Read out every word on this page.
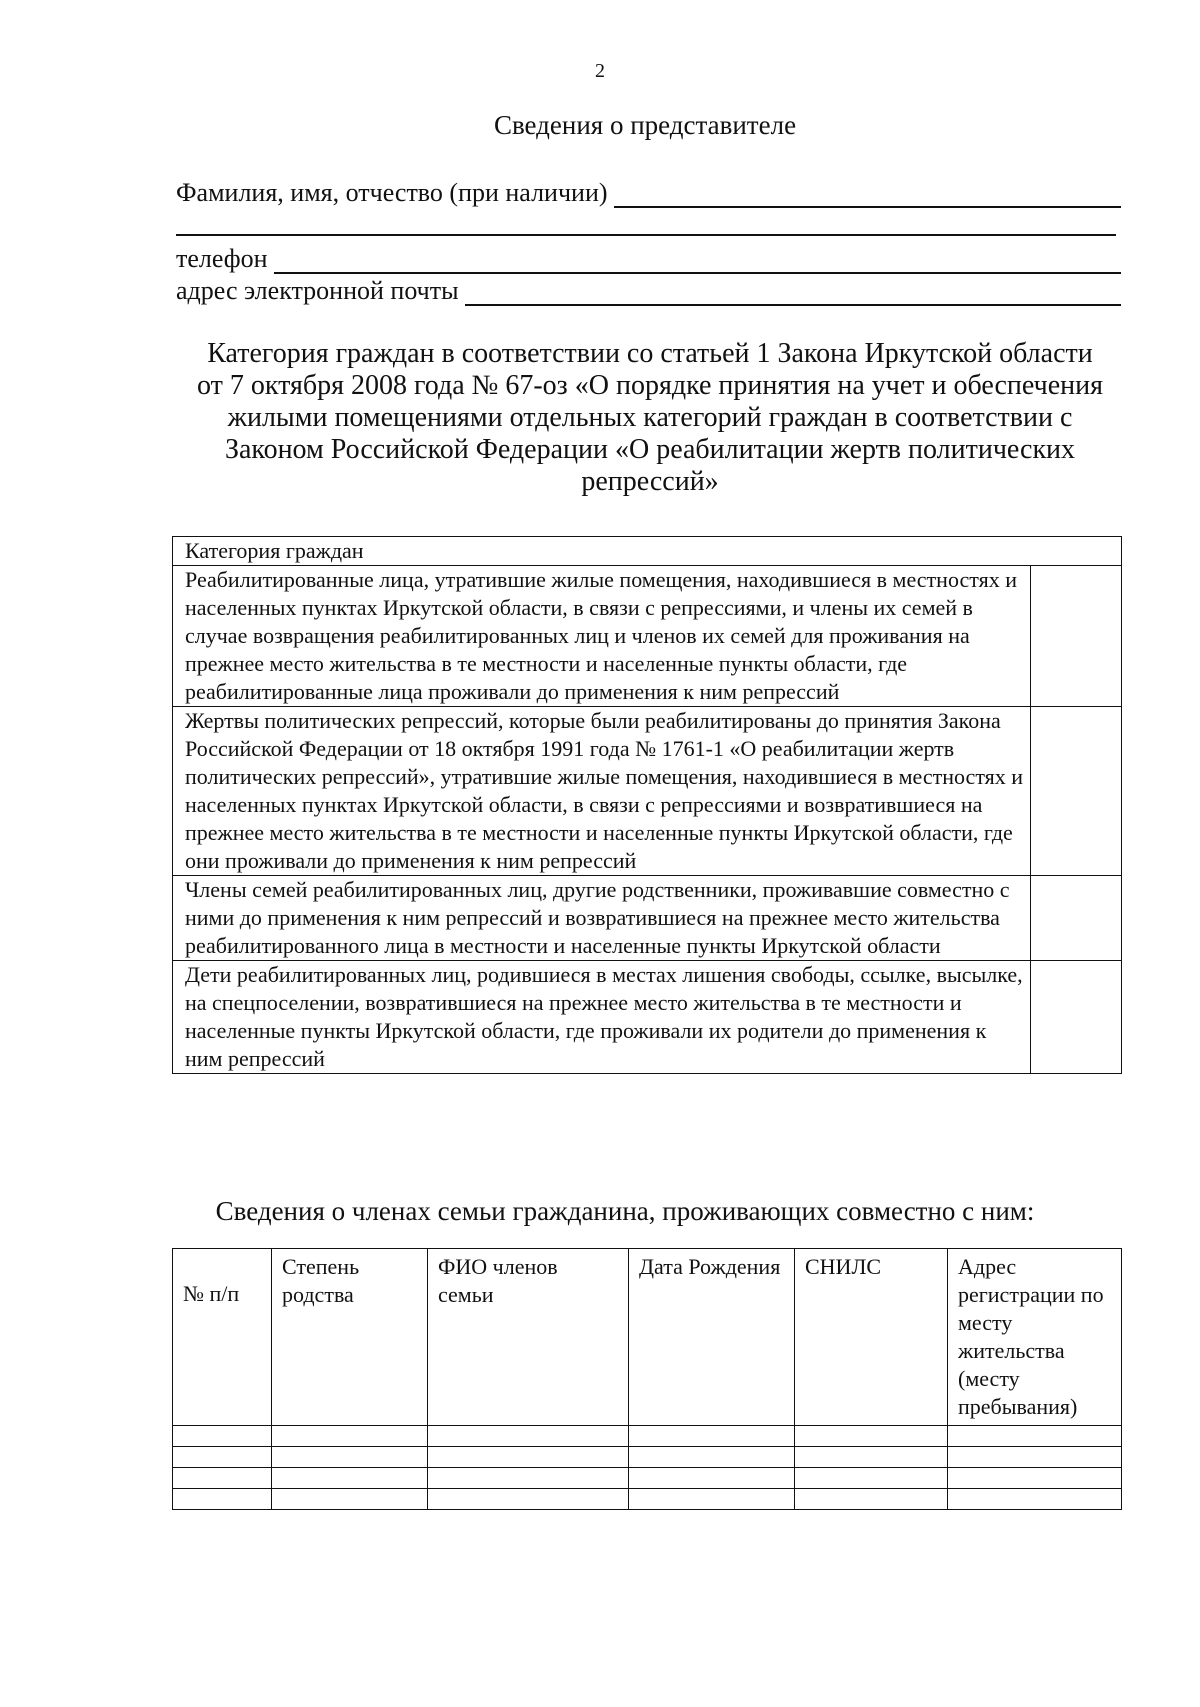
2
Сведения о представителе
Фамилия, имя, отчество (при наличии)
телефон
адрес электронной почты
Категория граждан в соответствии со статьей 1 Закона Иркутской области
от 7 октября 2008 года № 67-оз «О порядке принятия на учет и обеспечения
жилыми помещениями отдельных категорий граждан в соответствии с
Законом Российской Федерации «О реабилитации жертв политических
репрессий»
Категория граждан	
Реабилитированные лица, утратившие жилые помещения, находившиеся в местностях и населенных пунктах Иркутской области, в связи с репрессиями, и члены их семей в случае возвращения реабилитированных лиц и членов их семей для проживания на прежнее место жительства в те местности и населенные пункты области, где реабилитированные лица проживали до применения к ним репрессий	
Жертвы политических репрессий, которые были реабилитированы до принятия Закона Российской Федерации от 18 октября 1991 года № 1761-1 «О реабилитации жертв политических репрессий», утратившие жилые помещения, находившиеся в местностях и населенных пунктах Иркутской области, в связи с репрессиями и возвратившиеся на прежнее место жительства в те местности и населенные пункты Иркутской области, где они проживали до применения к ним репрессий	
Члены семей реабилитированных лиц, другие родственники, проживавшие совместно с ними до применения к ним репрессий и возвратившиеся на прежнее место жительства реабилитированного лица в местности и населенные пункты Иркутской области	
Дети реабилитированных лиц, родившиеся в местах лишения свободы, ссылке, высылке, на спецпоселении, возвратившиеся на прежнее место жительства в те местности и населенные пункты Иркутской области, где проживали их родители до применения к ним репрессий	
Сведения о членах семьи гражданина, проживающих совместно с ним:
№ п/п	Степень родства	ФИО членов семьи	Дата Рождения	СНИЛС	Адрес регистрации по месту жительства (месту пребывания)
